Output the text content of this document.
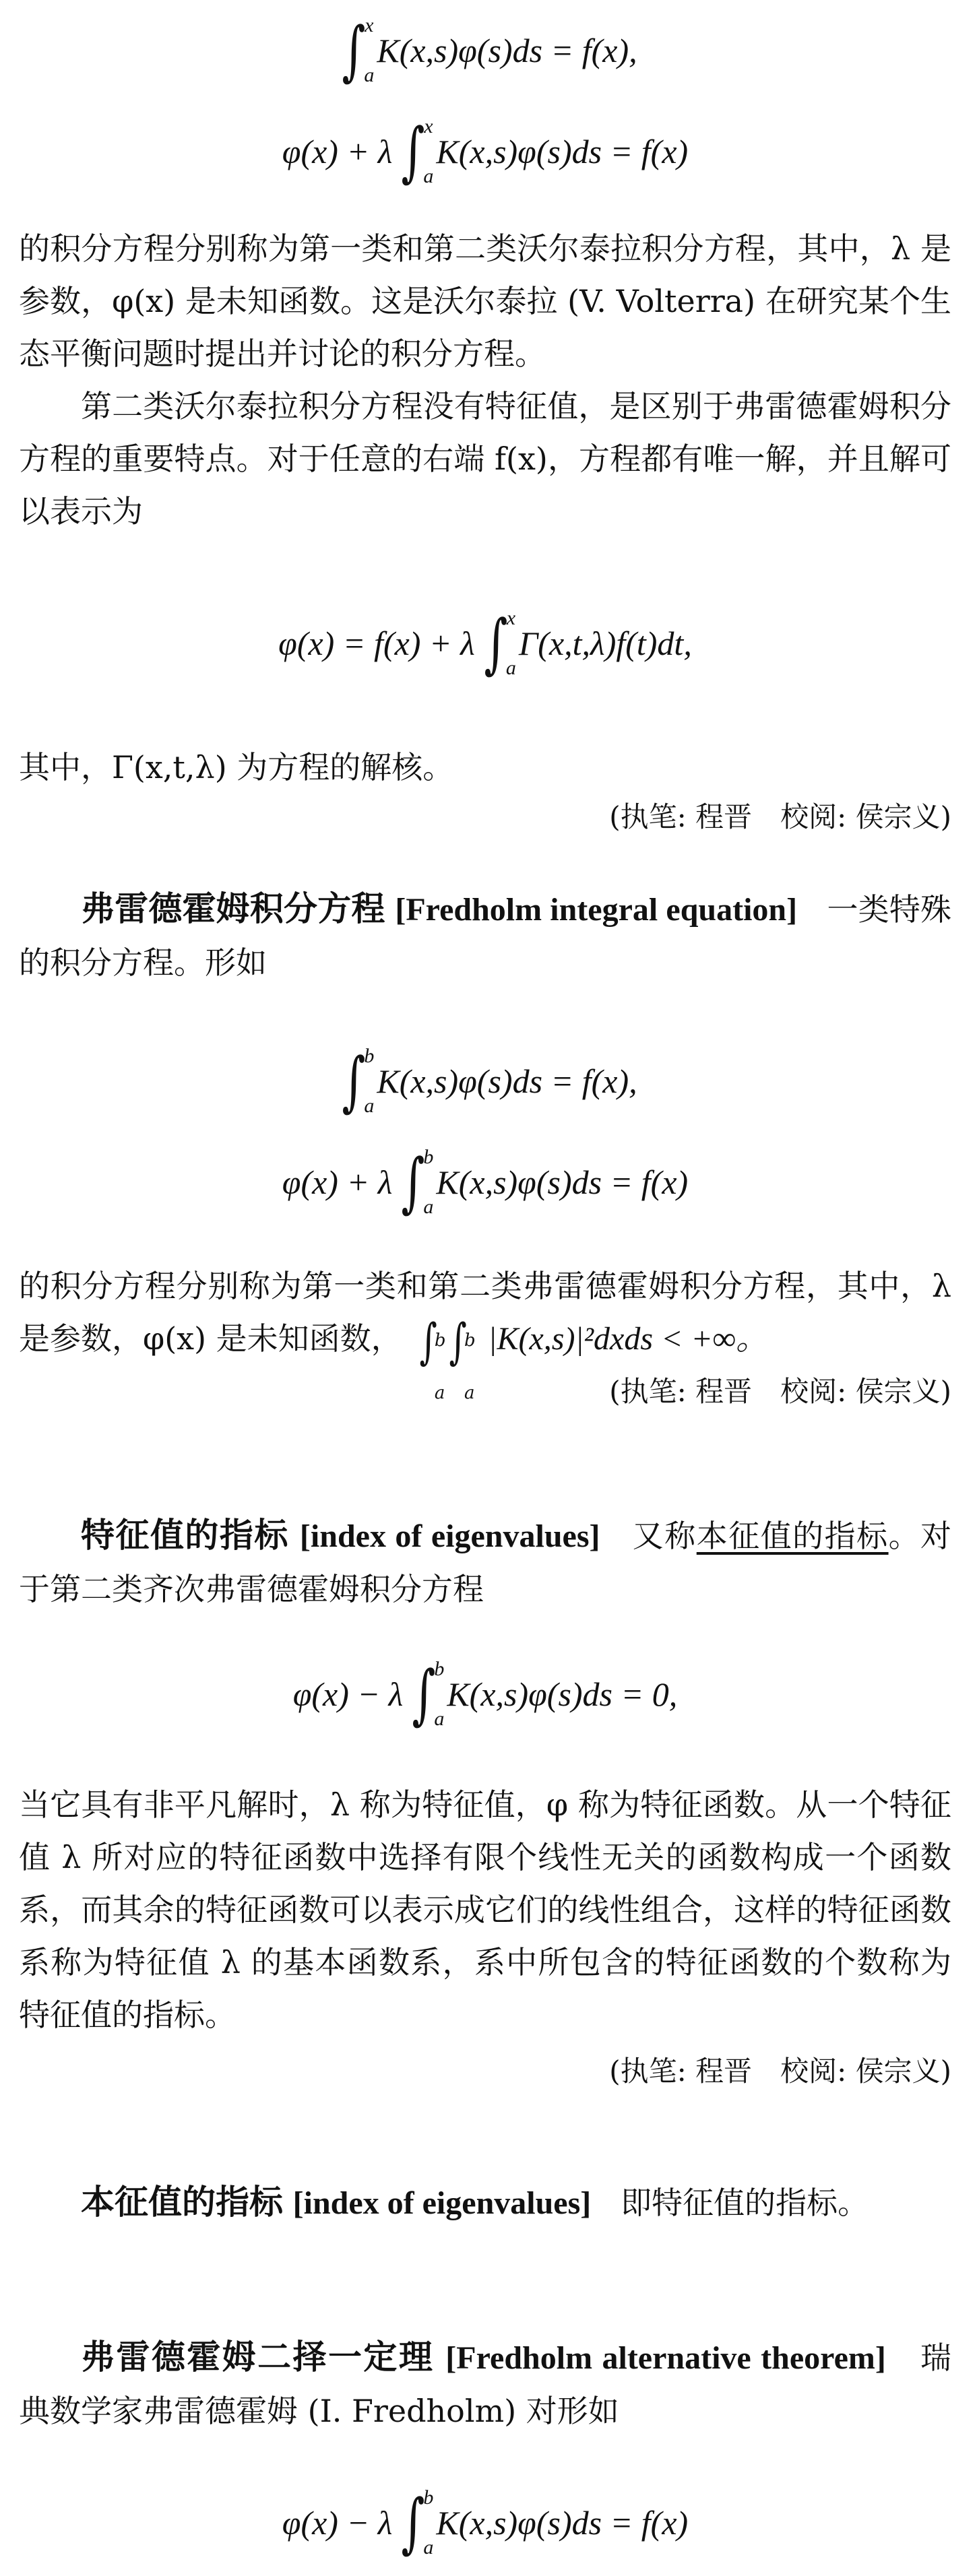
∫
x
a
K(x,s)φ(s)ds = f(x),
φ(x) + λ ∫
x
a
K(x,s)φ(s)ds = f(x)

的积分方程分别称为第一类和第二类沃尔泰拉积分方程，其中，λ 是参数，φ(x) 是未知函数。这是沃尔泰拉 (V. Volterra) 在研究某个生态平衡问题时提出并讨论的积分方程。

第二类沃尔泰拉积分方程没有特征值，是区别于弗雷德霍姆积分方程的重要特点。对于任意的右端 f(x)，方程都有唯一解，并且解可以表示为

φ(x) = f(x) + λ ∫
x
a
Γ(x,t,λ)f(t)dt,

其中，Γ(x,t,λ) 为方程的解核。

(执笔: 程晋　校阅: 侯宗义)

弗雷德霍姆积分方程 [Fredholm integral equation] 一类特殊的积分方程。形如

∫
b
a
K(x,s)φ(s)ds = f(x),
φ(x) + λ ∫
b
a
K(x,s)φ(s)ds = f(x)

的积分方程分别称为第一类和第二类弗雷德霍姆积分方程，其中，λ 是参数，φ(x) 是未知函数， ∫
b
a
∫
b
a
|K(x,s)|²dxds < +∞。

(执笔: 程晋　校阅: 侯宗义)

特征值的指标 [index of eigenvalues] 又称本征值的指标。对于第二类齐次弗雷德霍姆积分方程

φ(x) − λ ∫
b
a
K(x,s)φ(s)ds = 0,

当它具有非平凡解时，λ 称为特征值，φ 称为特征函数。从一个特征值 λ 所对应的特征函数中选择有限个线性无关的函数构成一个函数系，而其余的特征函数可以表示成它们的线性组合，这样的特征函数系称为特征值 λ 的基本函数系，系中所包含的特征函数的个数称为特征值的指标。

(执笔: 程晋　校阅: 侯宗义)

本征值的指标 [index of eigenvalues] 即特征值的指标。

弗雷德霍姆二择一定理 [Fredholm alternative theorem] 瑞典数学家弗雷德霍姆 (I. Fredholm) 对形如

φ(x) − λ ∫
b
a
K(x,s)φ(s)ds = f(x)
